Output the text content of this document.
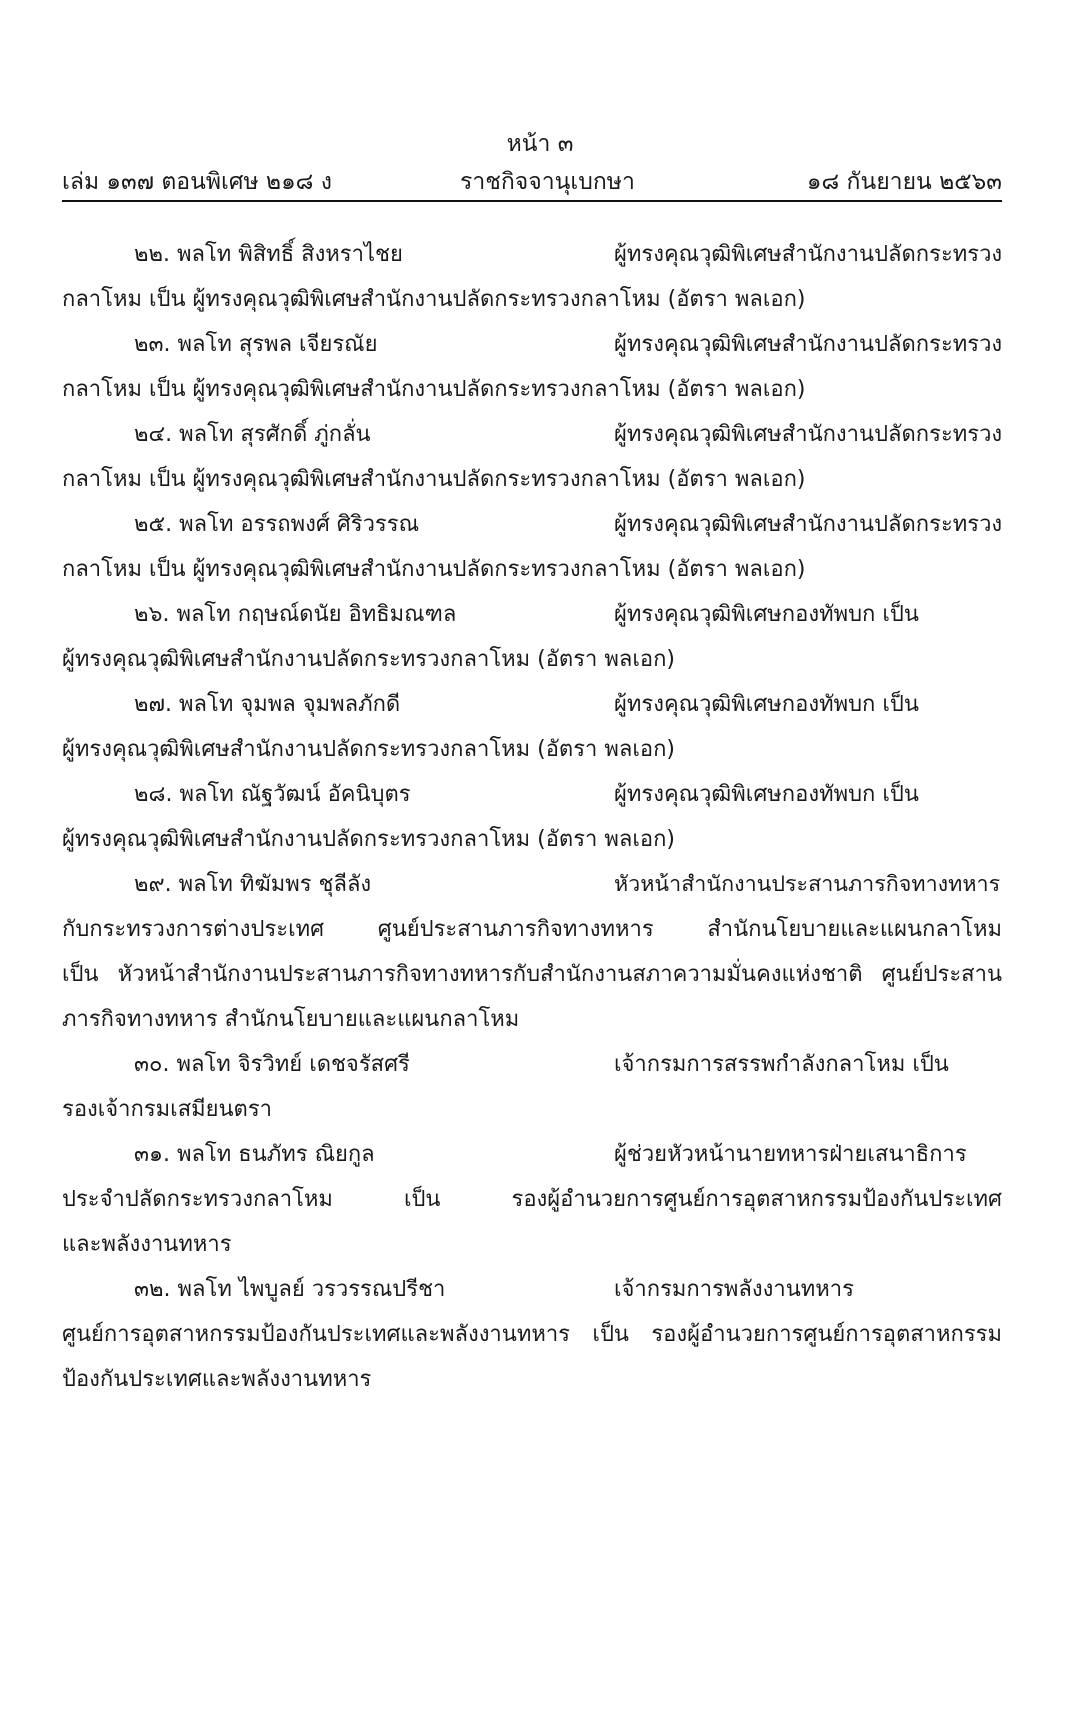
หน้า ๓
เล่ม ๑๓๗ ตอนพิเศษ ๒๑๘ ง	ราชกิจจานุเบกษา	๑๘ กันยายน ๒๕๖๓
๒๒. พลโท พิสิทธิ์ สิงหราไชย	ผู้ทรงคุณวุฒิพิเศษสำนักงานปลัดกระทรวง
กลาโหม เป็น ผู้ทรงคุณวุฒิพิเศษสำนักงานปลัดกระทรวงกลาโหม (อัตรา พลเอก)
๒๓. พลโท สุรพล เจียรณัย	ผู้ทรงคุณวุฒิพิเศษสำนักงานปลัดกระทรวง
กลาโหม เป็น ผู้ทรงคุณวุฒิพิเศษสำนักงานปลัดกระทรวงกลาโหม (อัตรา พลเอก)
๒๔. พลโท สุรศักดิ์ ภู่กลั่น	ผู้ทรงคุณวุฒิพิเศษสำนักงานปลัดกระทรวง
กลาโหม เป็น ผู้ทรงคุณวุฒิพิเศษสำนักงานปลัดกระทรวงกลาโหม (อัตรา พลเอก)
๒๕. พลโท อรรถพงศ์ ศิริวรรณ	ผู้ทรงคุณวุฒิพิเศษสำนักงานปลัดกระทรวง
กลาโหม เป็น ผู้ทรงคุณวุฒิพิเศษสำนักงานปลัดกระทรวงกลาโหม (อัตรา พลเอก)
๒๖. พลโท กฤษณ์ดนัย อิทธิมณฑล	ผู้ทรงคุณวุฒิพิเศษกองทัพบก เป็น
ผู้ทรงคุณวุฒิพิเศษสำนักงานปลัดกระทรวงกลาโหม (อัตรา พลเอก)
๒๗. พลโท จุมพล จุมพลภักดี	ผู้ทรงคุณวุฒิพิเศษกองทัพบก เป็น
ผู้ทรงคุณวุฒิพิเศษสำนักงานปลัดกระทรวงกลาโหม (อัตรา พลเอก)
๒๘. พลโท ณัฐวัฒน์ อัคนิบุตร	ผู้ทรงคุณวุฒิพิเศษกองทัพบก เป็น
ผู้ทรงคุณวุฒิพิเศษสำนักงานปลัดกระทรวงกลาโหม (อัตรา พลเอก)
๒๙. พลโท ทิฆัมพร ชุลีลัง	หัวหน้าสำนักงานประสานภารกิจทางทหาร
กับกระทรวงการต่างประเทศ ศูนย์ประสานภารกิจทางทหาร สำนักนโยบายและแผนกลาโหม
เป็น หัวหน้าสำนักงานประสานภารกิจทางทหารกับสำนักงานสภาความมั่นคงแห่งชาติ ศูนย์ประสาน
ภารกิจทางทหาร สำนักนโยบายและแผนกลาโหม
๓๐. พลโท จิรวิทย์ เดชจรัสศรี	เจ้ากรมการสรรพกำลังกลาโหม เป็น
รองเจ้ากรมเสมียนตรา
๓๑. พลโท ธนภัทร ณิยกูล	ผู้ช่วยหัวหน้านายทหารฝ่ายเสนาธิการ
ประจำปลัดกระทรวงกลาโหม เป็น รองผู้อำนวยการศูนย์การอุตสาหกรรมป้องกันประเทศ
และพลังงานทหาร
๓๒. พลโท ไพบูลย์ วรวรรณปรีชา	เจ้ากรมการพลังงานทหาร
ศูนย์การอุตสาหกรรมป้องกันประเทศและพลังงานทหาร เป็น รองผู้อำนวยการศูนย์การอุตสาหกรรม
ป้องกันประเทศและพลังงานทหาร
